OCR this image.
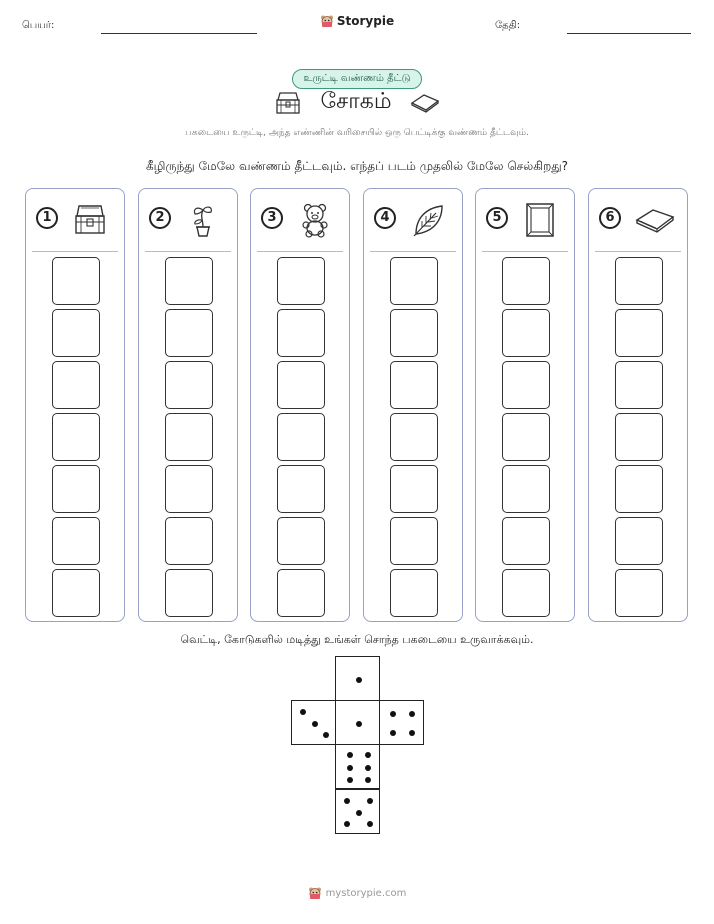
பெயர்:	தேதி:
Storypie
உருட்டி வண்ணம் தீட்டு
சோகம்
பகடையை உருட்டி, அந்த எண்ணின் வரிசையில் ஒரு பெட்டிக்கு வண்ணம் தீட்டவும்.
கீழிருந்து மேலே வண்ணம் தீட்டவும். எந்தப் படம் முதலில் மேலே செல்கிறது?
1	2	3	4	5	6
வெட்டி, கோடுகளில் மடித்து உங்கள் சொந்த பகடையை உருவாக்கவும்.
mystorypie.com
